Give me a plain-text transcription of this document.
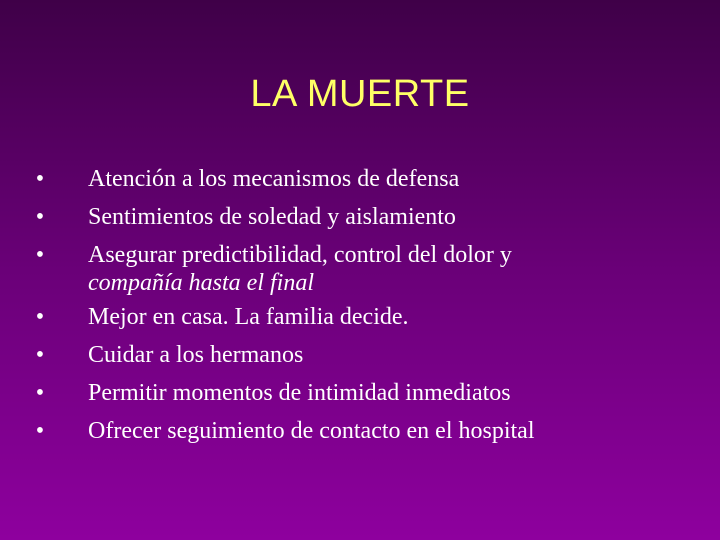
LA MUERTE
• Atención a los mecanismos de defensa
• Sentimientos de soledad y aislamiento
• Asegurar predictibilidad, control del dolor y
compañía hasta el final
• Mejor en casa. La familia decide.
• Cuidar a los hermanos
• Permitir momentos de intimidad inmediatos
• Ofrecer seguimiento de contacto en el hospital
